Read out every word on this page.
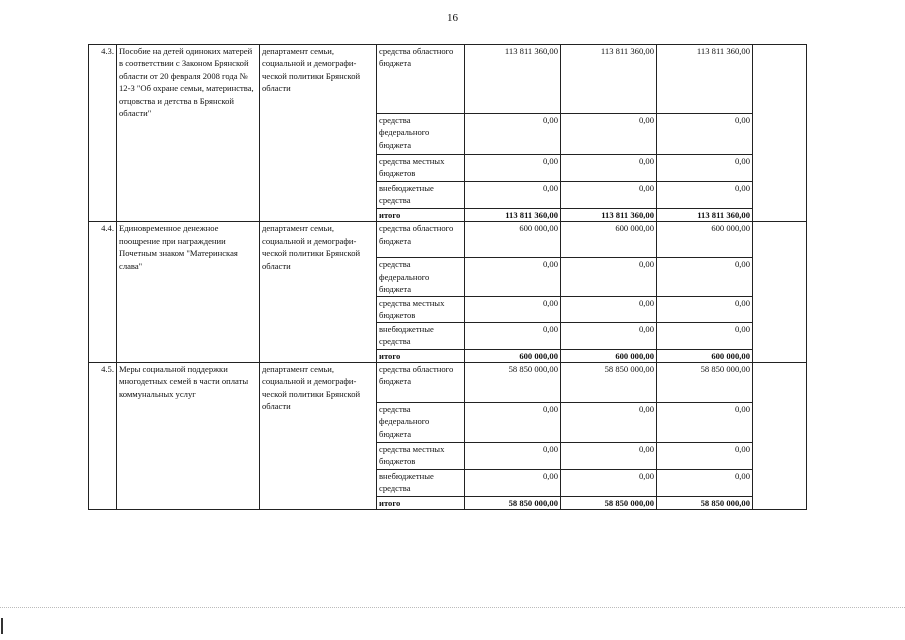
16
4.3.	Пособие на детей одиноких матерей в соответствии с Законом Брянской области от 20 февраля 2008 года № 12-З "Об охране семьи, материнства, отцовства и детства в Брянской области"	департамент семьи, социальной и демографи-ческой политики Брянской области	средства областного бюджета	113 811 360,00	113 811 360,00	113 811 360,00	
			средства федерального бюджета	0,00	0,00	0,00	
			средства местных бюджетов	0,00	0,00	0,00	
			внебюджетные средства	0,00	0,00	0,00	
			итого	113 811 360,00	113 811 360,00	113 811 360,00	
4.4.	Единовременное денежное поощрение при награждении Почетным знаком "Материнская слава"	департамент семьи, социальной и демографи-ческой политики Брянской области	средства областного бюджета	600 000,00	600 000,00	600 000,00	
			средства федерального бюджета	0,00	0,00	0,00	
			средства местных бюджетов	0,00	0,00	0,00	
			внебюджетные средства	0,00	0,00	0,00	
			итого	600 000,00	600 000,00	600 000,00	
4.5.	Меры социальной поддержки многодетных семей в части оплаты коммунальных услуг	департамент семьи, социальной и демографи-ческой политики Брянской области	средства областного бюджета	58 850 000,00	58 850 000,00	58 850 000,00	
			средства федерального бюджета	0,00	0,00	0,00	
			средства местных бюджетов	0,00	0,00	0,00	
			внебюджетные средства	0,00	0,00	0,00	
			итого	58 850 000,00	58 850 000,00	58 850 000,00	
